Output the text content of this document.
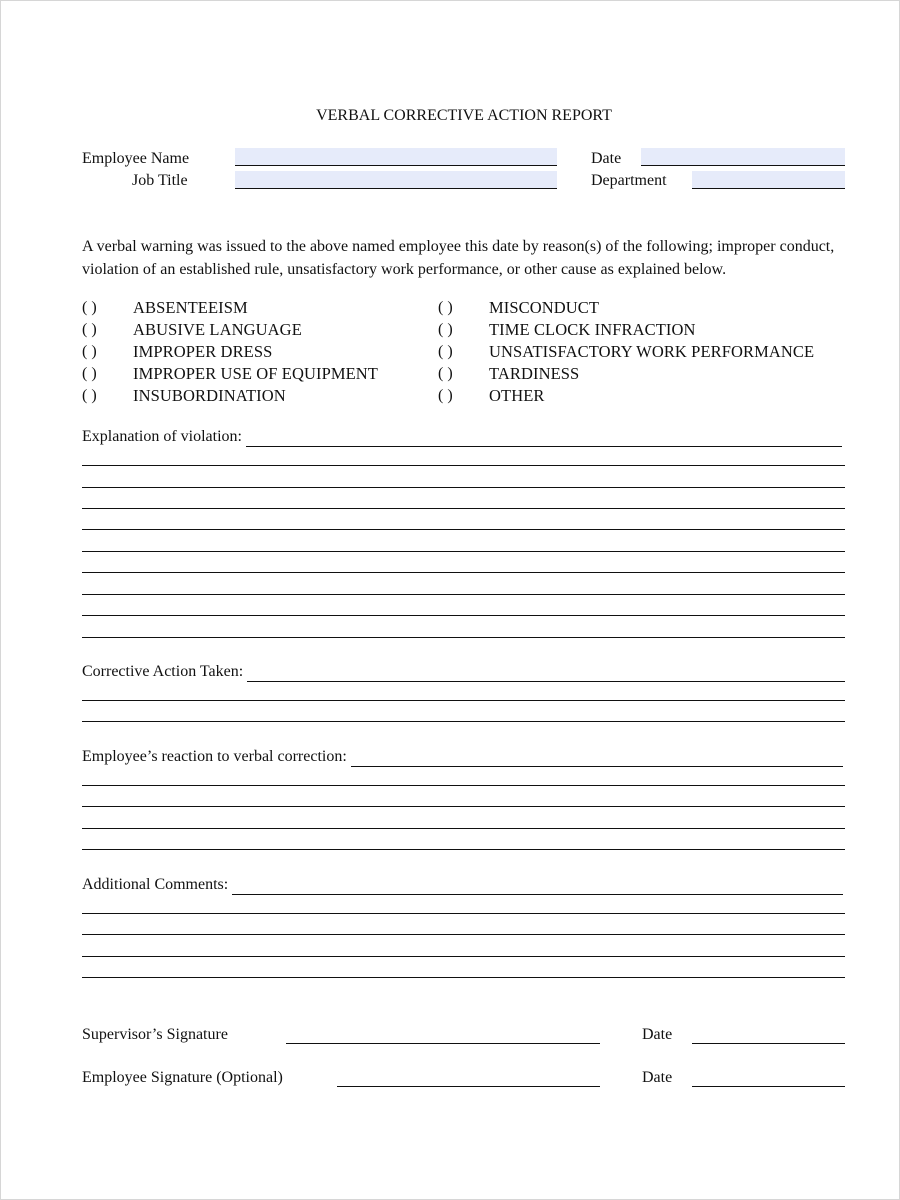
VERBAL CORRECTIVE ACTION REPORT
Employee Name
Job Title
Date
Department
A verbal warning was issued to the above named employee this date by reason(s) of the following; improper conduct, violation of an established rule, unsatisfactory work performance, or other cause as explained below.
( ) ABSENTEEISM
( ) ABUSIVE LANGUAGE
( ) IMPROPER DRESS
( ) IMPROPER USE OF EQUIPMENT
( ) INSUBORDINATION
( ) MISCONDUCT
( ) TIME CLOCK INFRACTION
( ) UNSATISFACTORY WORK PERFORMANCE
( ) TARDINESS
( ) OTHER
Explanation of violation:
Corrective Action Taken:
Employee’s reaction to verbal correction:
Additional Comments:
Supervisor’s Signature	Date
Employee Signature (Optional)	Date
